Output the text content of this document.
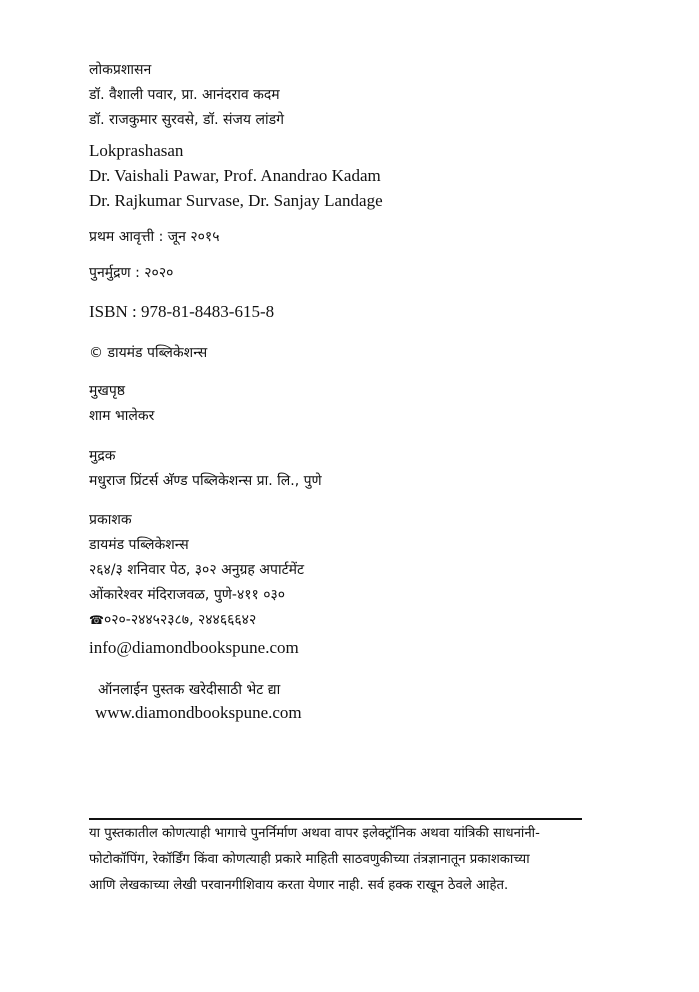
लोकप्रशासन
डॉ. वैशाली पवार, प्रा. आनंदराव कदम
डॉ. राजकुमार सुरवसे, डॉ. संजय लांडगे
Lokprashasan
Dr. Vaishali Pawar, Prof. Anandrao Kadam
Dr. Rajkumar Survase, Dr. Sanjay Landage
प्रथम आवृत्ती : जून २०१५
पुनर्मुद्रण : २०२०
ISBN : 978-81-8483-615-8
© डायमंड पब्लिकेशन्स
मुखपृष्ठ
शाम भालेकर
मुद्रक
मधुराज प्रिंटर्स अ‍ॅण्ड पब्लिकेशन्स प्रा. लि., पुणे
प्रकाशक
डायमंड पब्लिकेशन्स
२६४/३ शनिवार पेठ, ३०२ अनुग्रह अपार्टमेंट
ओंकारेश्वर मंदिराजवळ, पुणे-४११ ०३०
☎०२०-२४४५२३८७, २४४६६६४२
info@diamondbookspune.com
ऑनलाईन पुस्तक खरेदीसाठी भेट द्या
www.diamondbookspune.com
या पुस्तकातील कोणत्याही भागाचे पुनर्निर्माण अथवा वापर इलेक्ट्रॉनिक अथवा यांत्रिकी साधनांनी-
फोटोकॉपिंग, रेकॉर्डिंग किंवा कोणत्याही प्रकारे माहिती साठवणुकीच्या तंत्रज्ञानातून प्रकाशकाच्या
आणि लेखकाच्या लेखी परवानगीशिवाय करता येणार नाही. सर्व हक्क राखून ठेवले आहेत.
